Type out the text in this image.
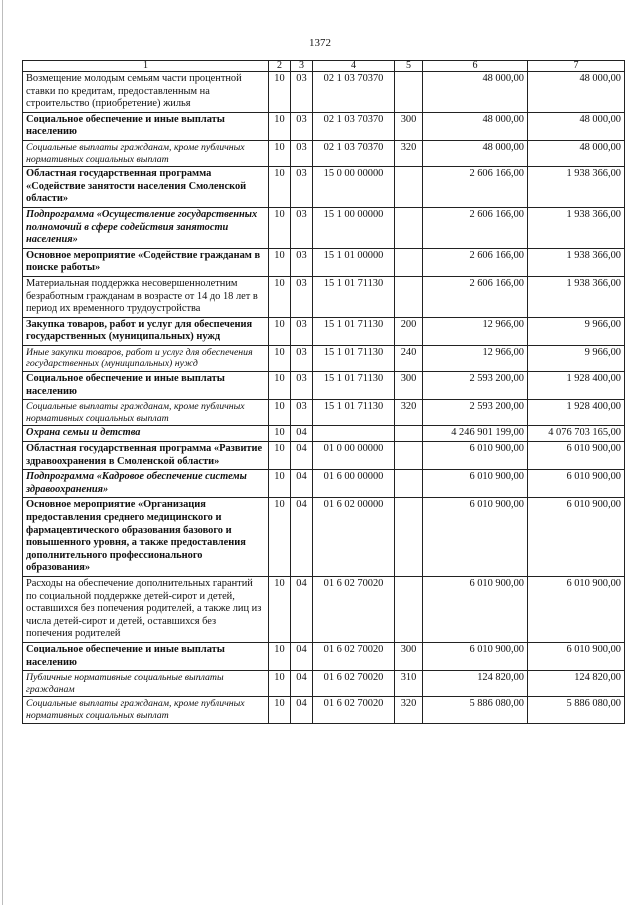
1372
1	2	3	4	5	6	7
Возмещение молодым семьям части процентной ставки по кредитам, предоставленным на строительство (приобретение) жилья	10	03	02 1 03 70370		48 000,00	48 000,00
Социальное обеспечение и иные выплаты населению	10	03	02 1 03 70370	300	48 000,00	48 000,00
Социальные выплаты гражданам, кроме публичных нормативных социальных выплат	10	03	02 1 03 70370	320	48 000,00	48 000,00
Областная государственная программа «Содействие занятости населения Смоленской области»	10	03	15 0 00 00000		2 606 166,00	1 938 366,00
Подпрограмма «Осуществление государственных полномочий в сфере содействия занятости населения»	10	03	15 1 00 00000		2 606 166,00	1 938 366,00
Основное мероприятие «Содействие гражданам в поиске работы»	10	03	15 1 01 00000		2 606 166,00	1 938 366,00
Материальная поддержка несовершеннолетним безработным гражданам в возрасте от 14 до 18 лет в период их временного трудоустройства	10	03	15 1 01 71130		2 606 166,00	1 938 366,00
Закупка товаров, работ и услуг для обеспечения государственных (муниципальных) нужд	10	03	15 1 01 71130	200	12 966,00	9 966,00
Иные закупки товаров, работ и услуг для обеспечения государственных (муниципальных) нужд	10	03	15 1 01 71130	240	12 966,00	9 966,00
Социальное обеспечение и иные выплаты населению	10	03	15 1 01 71130	300	2 593 200,00	1 928 400,00
Социальные выплаты гражданам, кроме публичных нормативных социальных выплат	10	03	15 1 01 71130	320	2 593 200,00	1 928 400,00
Охрана семьи и детства	10	04			4 246 901 199,00	4 076 703 165,00
Областная государственная программа «Развитие здравоохранения в Смоленской области»	10	04	01 0 00 00000		6 010 900,00	6 010 900,00
Подпрограмма «Кадровое обеспечение системы здравоохранения»	10	04	01 6 00 00000		6 010 900,00	6 010 900,00
Основное мероприятие «Организация предоставления среднего медицинского и фармацевтического образования базового и повышенного уровня, а также предоставления дополнительного профессионального образования»	10	04	01 6 02 00000		6 010 900,00	6 010 900,00
Расходы на обеспечение дополнительных гарантий по социальной поддержке детей-сирот и детей, оставшихся без попечения родителей, а также лиц из числа детей-сирот и детей, оставшихся без попечения родителей	10	04	01 6 02 70020		6 010 900,00	6 010 900,00
Социальное обеспечение и иные выплаты населению	10	04	01 6 02 70020	300	6 010 900,00	6 010 900,00
Публичные нормативные социальные выплаты гражданам	10	04	01 6 02 70020	310	124 820,00	124 820,00
Социальные выплаты гражданам, кроме публичных нормативных социальных выплат	10	04	01 6 02 70020	320	5 886 080,00	5 886 080,00
